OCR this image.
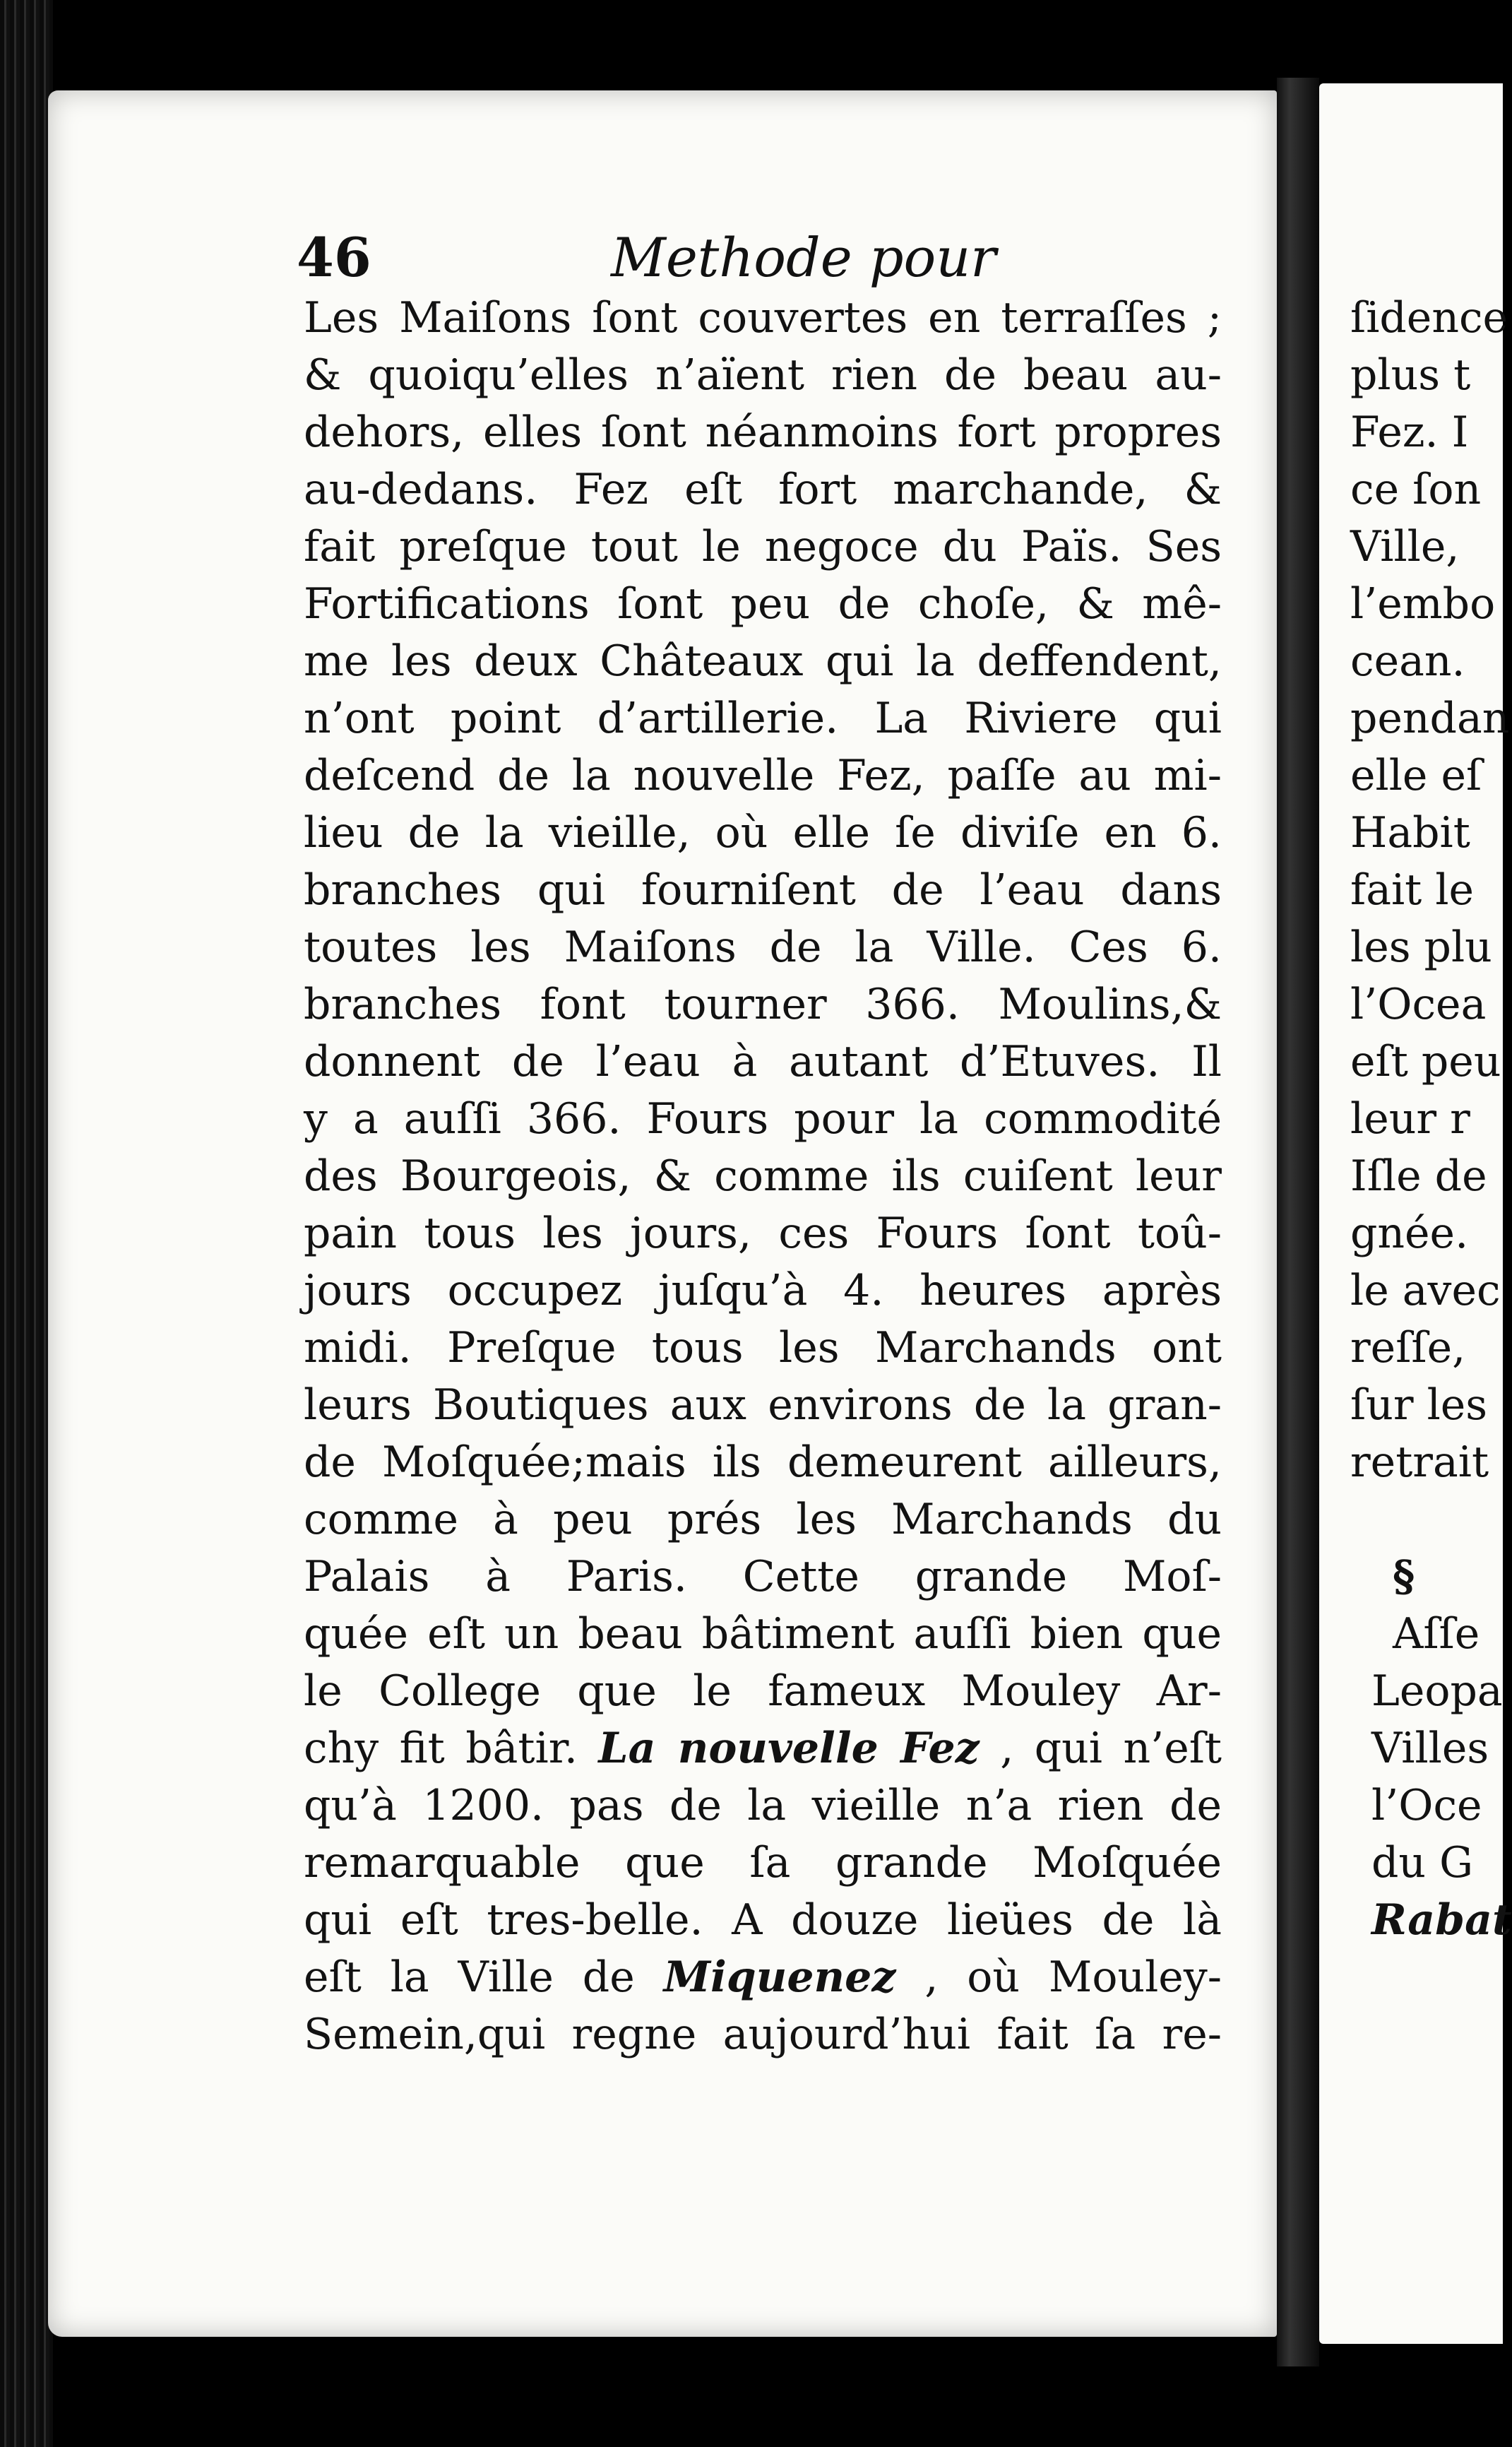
46	Methode pour
Les Maiſons ſont couvertes en terraſſes ;
& quoiqu’elles n’aïent rien de beau au-
dehors, elles ſont néanmoins fort propres
au-dedans. Fez eſt fort marchande, &
fait preſque tout le negoce du Païs. Ses
Fortifications ſont peu de choſe, & mê-
me les deux Châteaux qui la deffendent,
n’ont point d’artillerie. La Riviere qui
deſcend de la nouvelle Fez, paſſe au mi-
lieu de la vieille, où elle ſe diviſe en 6.
branches qui fourniſent de l’eau dans
toutes les Maiſons de la Ville. Ces 6.
branches font tourner 366. Moulins,&
donnent de l’eau à autant d’Etuves. Il
y a auſſi 366. Fours pour la commodité
des Bourgeois, & comme ils cuiſent leur
pain tous les jours, ces Fours ſont toû-
jours occupez juſqu’à 4. heures après
midi. Preſque tous les Marchands ont
leurs Boutiques aux environs de la gran-
de Moſquée;mais ils demeurent ailleurs,
comme à peu prés les Marchands du
Palais à Paris. Cette grande Moſ-
quée eſt un beau bâtiment auſſi bien que
le College que le fameux Mouley Ar-
chy fit bâtir. La nouvelle Fez , qui n’eſt
qu’à 1200. pas de la vieille n’a rien de
remarquable que ſa grande Moſquée
qui eſt tres-belle. A douze lieües de là
eſt la Ville de Miquenez , où Mouley-
Semein,qui regne aujourd’hui fait ſa re-
ſidence
plus t
Fez. I
ce ſon
Ville,
l’embo
cean.
pendan
elle eſ
Habit
fait le
les plu
l’Ocea
eſt peu
leur r
Iſle de
gnée.
le avec
reſſe,
ſur les
retrait

§
Aſſe
Leopa
Villes
l’Oce
du G
Rabat
